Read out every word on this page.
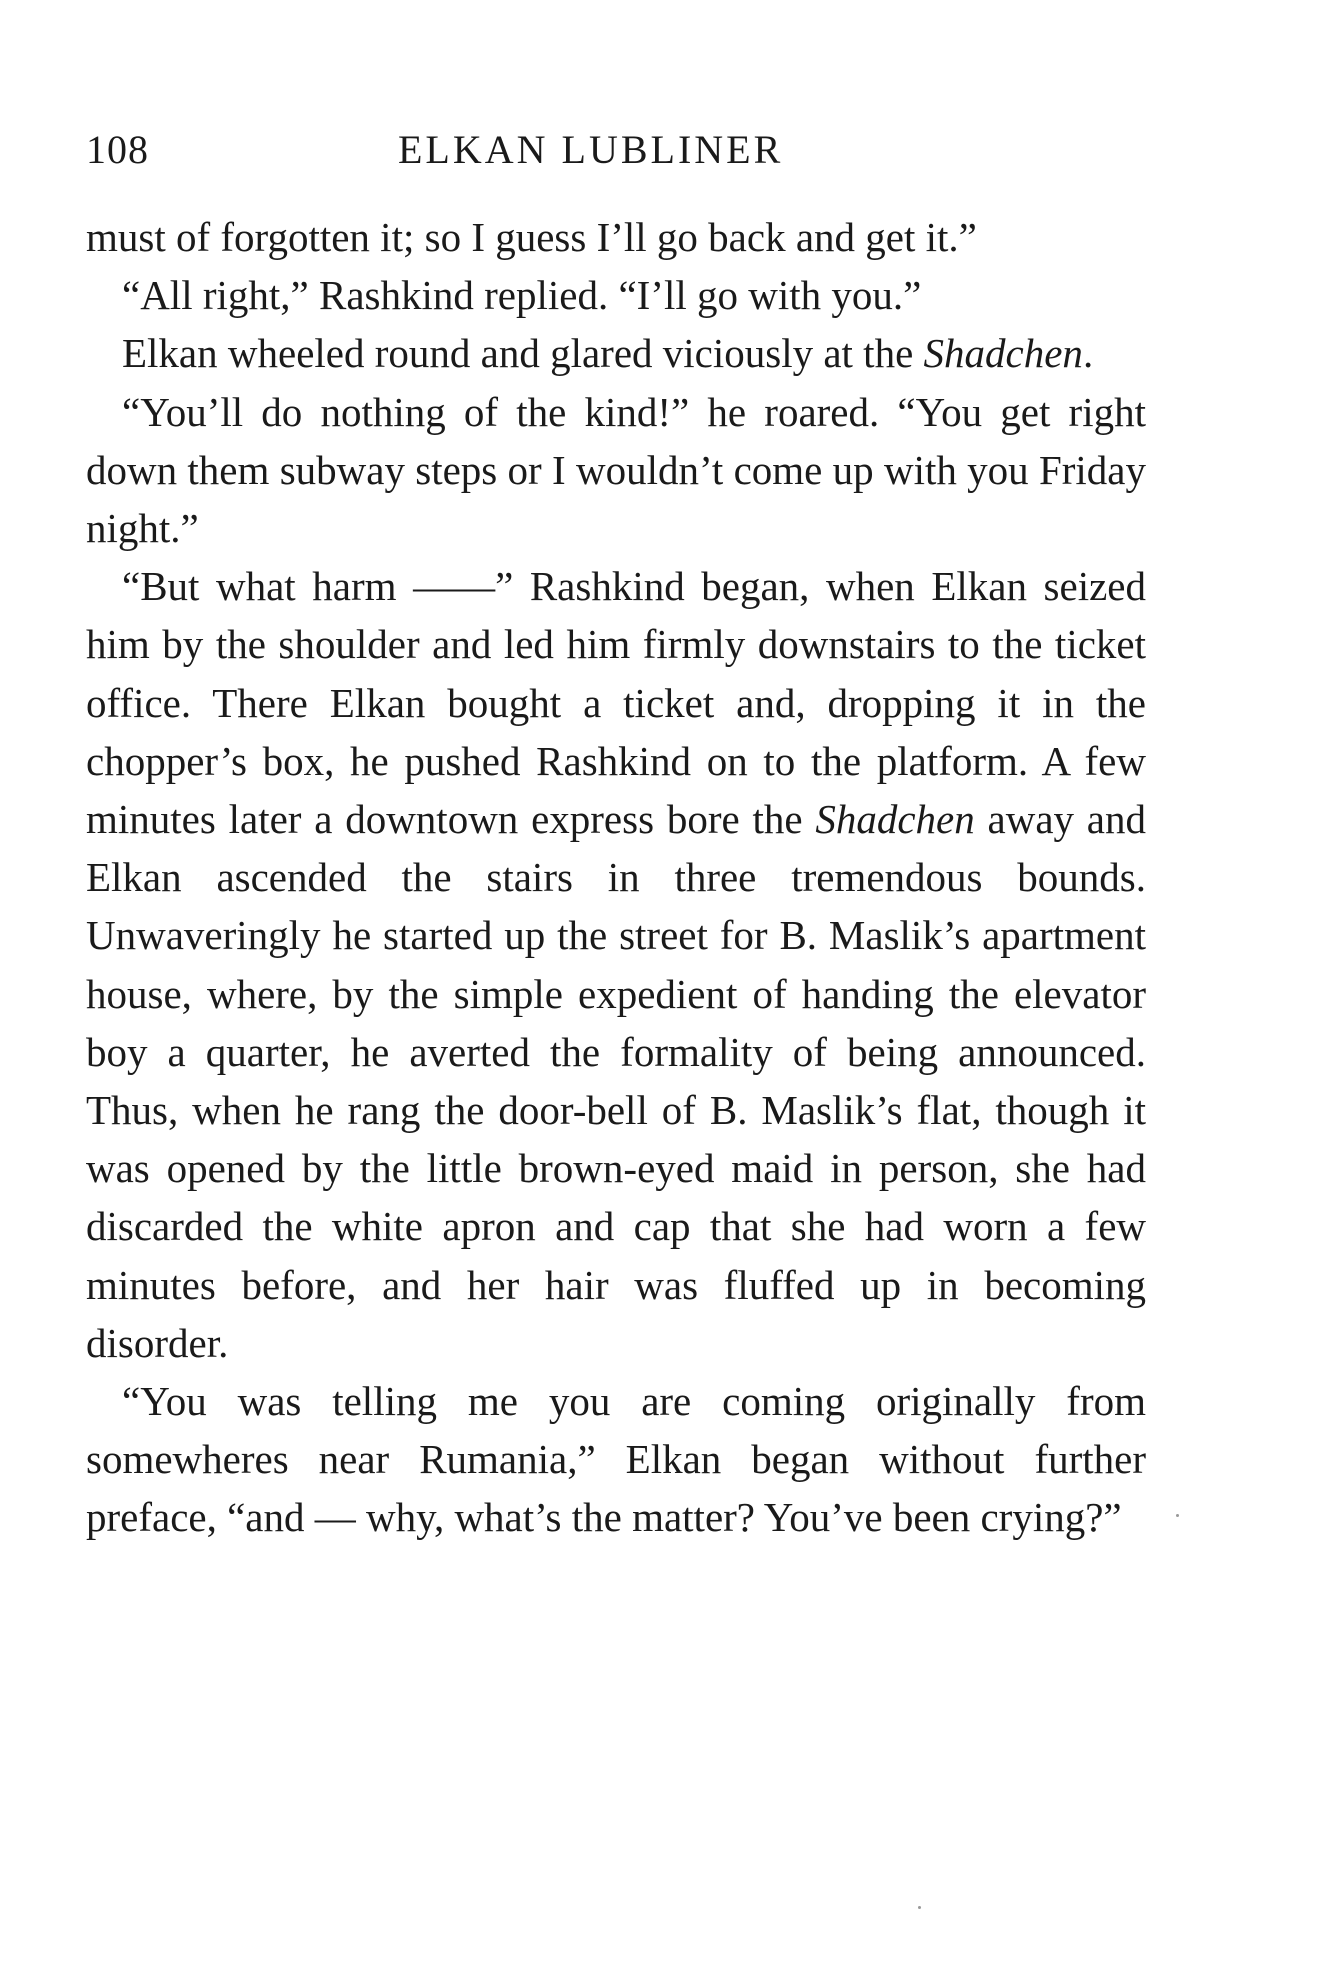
108	ELKAN LUBLINER

must of forgotten it; so I guess I’ll go back and get it.”

“All right,” Rashkind replied. “I’ll go with you.”

Elkan wheeled round and glared viciously at the Shadchen.

“You’ll do nothing of the kind!” he roared. “You get right down them subway steps or I wouldn’t come up with you Friday night.”

“But what harm ——” Rashkind began, when Elkan seized him by the shoulder and led him firmly downstairs to the ticket office. There Elkan bought a ticket and, dropping it in the chopper’s box, he pushed Rashkind on to the platform. A few minutes later a downtown express bore the Shadchen away and Elkan ascended the stairs in three tremendous bounds. Unwaveringly he started up the street for B. Maslik’s apartment house, where, by the simple expedient of handing the elevator boy a quarter, he averted the formality of being announced. Thus, when he rang the door-bell of B. Maslik’s flat, though it was opened by the little brown-eyed maid in person, she had discarded the white apron and cap that she had worn a few minutes before, and her hair was fluffed up in becoming disorder.

“You was telling me you are coming originally from somewheres near Rumania,” Elkan began without further preface, “and — why, what’s the matter? You’ve been crying?”
